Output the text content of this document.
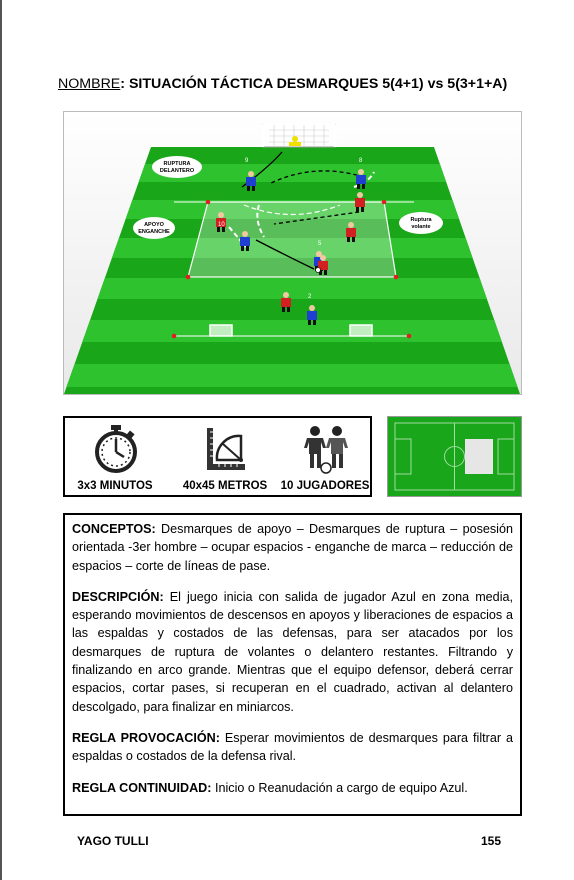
NOMBRE: SITUACIÓN TÁCTICA DESMARQUES 5(4+1) vs 5(3+1+A)
9	8
10
5
2
RUPTURA
DELANTERO
APOYO
ENGANCHE
Ruptura
volante
3x3 MINUTOS	40x45 METROS	10 JUGADORES

CONCEPTOS: Desmarques de apoyo – Desmarques de ruptura – posesión orientada -3er hombre – ocupar espacios - enganche de marca – reducción de espacios – corte de líneas de pase.

DESCRIPCIÓN: El juego inicia con salida de jugador Azul en zona media, esperando movimientos de descensos en apoyos y liberaciones de espacios a las espaldas y costados de las defensas, para ser atacados por los desmarques de ruptura de volantes o delantero restantes. Filtrando y finalizando en arco grande. Mientras que el equipo defensor, deberá cerrar espacios, cortar pases, si recuperan en el cuadrado, activan al delantero descolgado, para finalizar en miniarcos.

REGLA PROVOCACIÓN: Esperar movimientos de desmarques para filtrar a espaldas o costados de la defensa rival.

REGLA CONTINUIDAD: Inicio o Reanudación a cargo de equipo Azul.

YAGO TULLI	155
